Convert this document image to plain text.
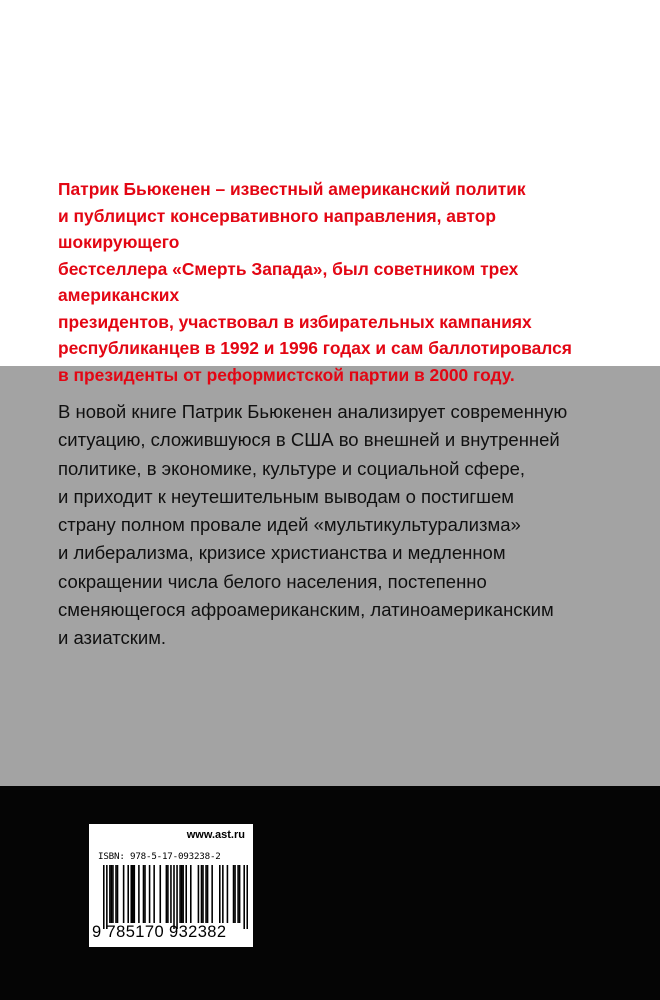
Патрик Бьюкенен – известный американский политик
и публицист консервативного направления, автор шокирующего
бестселлера «Смерть Запада», был советником трех американских
президентов, участвовал в избирательных кампаниях
республиканцев в 1992 и 1996 годах и сам баллотировался
в президенты от реформистской партии в 2000 году.

В новой книге Патрик Бьюкенен анализирует современную
ситуацию, сложившуюся в США во внешней и внутренней
политике, в экономике, культуре и социальной сфере,
и приходит к неутешительным выводам о постигшем
страну полном провале идей «мультикультурализма»
и либерализма, кризисе христианства и медленном
сокращении числа белого населения, постепенно
сменяющегося афроамериканским, латиноамериканским
и азиатским.

www.ast.ru

ISBN: 978-5-17-093238-2

9 785170 932382
